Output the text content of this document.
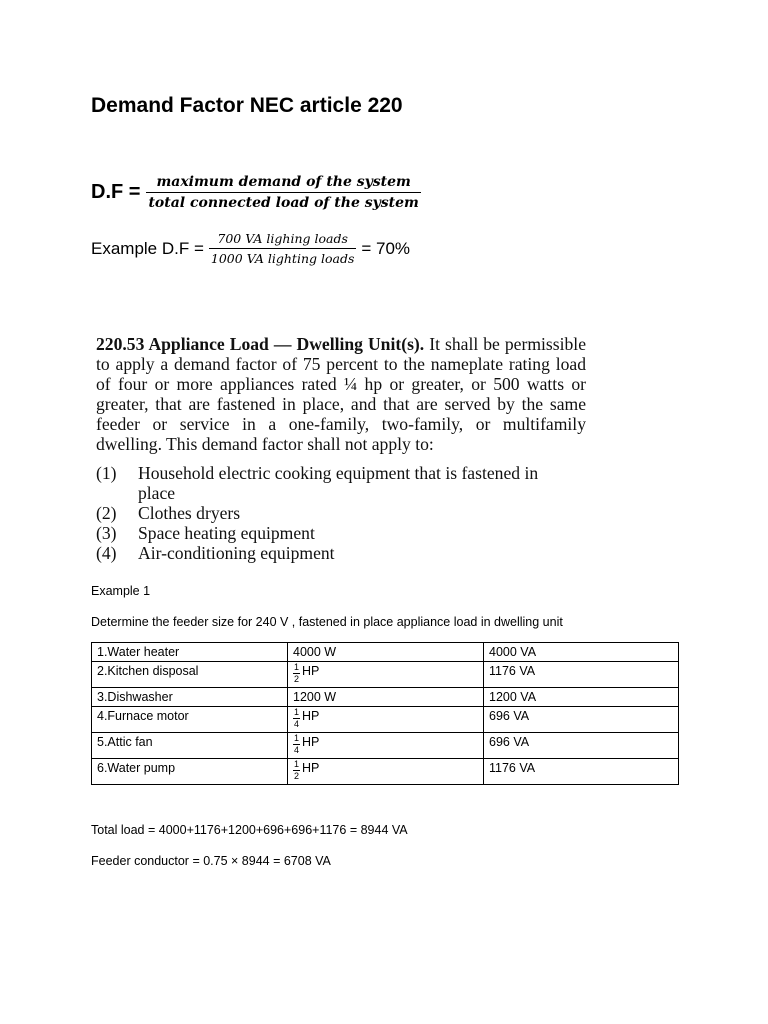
Demand Factor NEC article 220
$D.F = \frac{\text{maximum demand of the system}}{\text{total connected load of the system}}$
Example $D.F = \frac{\text{700 VA lighing loads}}{\text{1000 VA lighting loads}} = 70\%$

220.53 Appliance Load — Dwelling Unit(s). It shall be permissible to apply a demand factor of 75 percent to the nameplate rating load of four or more appliances rated ¼ hp or greater, or 500 watts or greater, that are fastened in place, and that are served by the same feeder or service in a one-family, two-family, or multifamily dwelling. This demand factor shall not apply to:

(1)	Household electric cooking equipment that is fastened in place
(2)	Clothes dryers
(3)	Space heating equipment
(4)	Air-conditioning equipment
Example 1
Determine the feeder size for 240 V , fastened in place appliance load in dwelling unit
1.Water heater	4000 W	4000 VA
2.Kitchen disposal	$\frac{1}{2}$ HP	1176 VA
3.Dishwasher	1200 W	1200 VA
4.Furnace motor	$\frac{1}{4}$ HP	696 VA
5.Attic fan	$\frac{1}{4}$ HP	696 VA
6.Water pump	$\frac{1}{2}$ HP	1176 VA
Total load = 4000+1176+1200+696+696+1176 = 8944 VA
Feeder conductor = 0.75 × 8944 = 6708 VA
